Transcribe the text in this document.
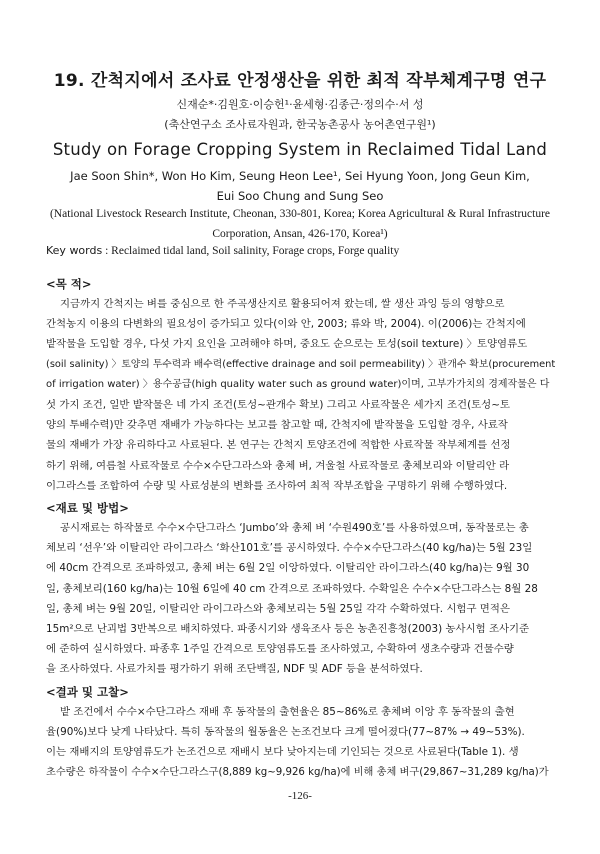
19. 간척지에서 조사료 안정생산을 위한 최적 작부체계구명 연구
신재순*·김원호·이승헌¹·윤세형·김종근·정의수·서 성
(축산연구소 조사료자원과, 한국농촌공사 농어촌연구원¹)
Study on Forage Cropping System in Reclaimed Tidal Land
Jae Soon Shin*, Won Ho Kim, Seung Heon Lee¹, Sei Hyung Yoon, Jong Geun Kim,
Eui Soo Chung and Sung Seo
(National Livestock Research Institute, Cheonan, 330-801, Korea; Korea Agricultural & Rural Infrastructure
Corporation, Ansan, 426-170, Korea¹)
Key words : Reclaimed tidal land, Soil salinity, Forage crops, Forge quality
<목 적>
지금까지 간척지는 벼를 중심으로 한 주곡생산지로 활용되어져 왔는데, 쌀 생산 과잉 등의 영향으로
간척농지 이용의 다변화의 필요성이 증가되고 있다(이와 안, 2003; 류와 박, 2004). 이(2006)는 간척지에
밭작물을 도입할 경우, 다섯 가지 요인을 고려해야 하며, 중요도 순으로는 토성(soil texture) 〉토양염류도
(soil salinity) 〉토양의 투수력과 배수력(effective drainage and soil permeability) 〉관개수 확보(procurement
of irrigation water) 〉용수공급(high quality water such as ground water)이며, 고부가가치의 경제작물은 다
섯 가지 조건, 일반 밭작물은 네 가지 조건(토성~관개수 확보) 그리고 사료작물은 세가지 조건(토성~토
양의 투배수력)만 갖추면 재배가 가능하다는 보고를 참고할 때, 간척지에 밭작물을 도입할 경우, 사료작
물의 재배가 가장 유리하다고 사료된다. 본 연구는 간척지 토양조건에 적합한 사료작물 작부체계를 선정
하기 위해, 여름철 사료작물로 수수×수단그라스와 총체 벼, 겨울철 사료작물로 총체보리와 이탈리안 라
이그라스를 조합하여 수량 및 사료성분의 변화를 조사하여 최적 작부조합을 구명하기 위해 수행하였다.
<재료 및 방법>
공시재료는 하작물로 수수×수단그라스 ‘Jumbo’와 총체 벼 ‘수원490호’를 사용하였으며, 동작물로는 총
체보리 ‘선우’와 이탈리안 라이그라스 ‘화산101호’를 공시하였다. 수수×수단그라스(40 kg/ha)는 5월 23일
에 40cm 간격으로 조파하였고, 총체 벼는 6월 2일 이앙하였다. 이탈리안 라이그라스(40 kg/ha)는 9월 30
일, 총체보리(160 kg/ha)는 10월 6일에 40 cm 간격으로 조파하였다. 수확일은 수수×수단그라스는 8월 28
일, 총체 벼는 9월 20일, 이탈리안 라이그라스와 총체보리는 5월 25일 각각 수확하였다. 시험구 면적은
15m²으로 난괴법 3반복으로 배치하였다. 파종시기와 생육조사 등은 농촌진흥청(2003) 농사시험 조사기준
에 준하여 실시하였다. 파종후 1주일 간격으로 토양염류도를 조사하였고, 수확하여 생초수량과 건물수량
을 조사하였다. 사료가치를 평가하기 위해 조단백질, NDF 및 ADF 등을 분석하였다.
<결과 및 고찰>
밭 조건에서 수수×수단그라스 재배 후 동작물의 출현율은 85~86%로 총체벼 이앙 후 동작물의 출현
율(90%)보다 낮게 나타났다. 특히 동작물의 월동율은 논조건보다 크게 떨어졌다(77~87% → 49~53%).
이는 재배지의 토양염류도가 논조건으로 재배시 보다 낮아지는데 기인되는 것으로 사료된다(Table 1). 생
초수량은 하작물이 수수×수단그라스구(8,889 kg~9,926 kg/ha)에 비해 총체 벼구(29,867~31,289 kg/ha)가
-126-
